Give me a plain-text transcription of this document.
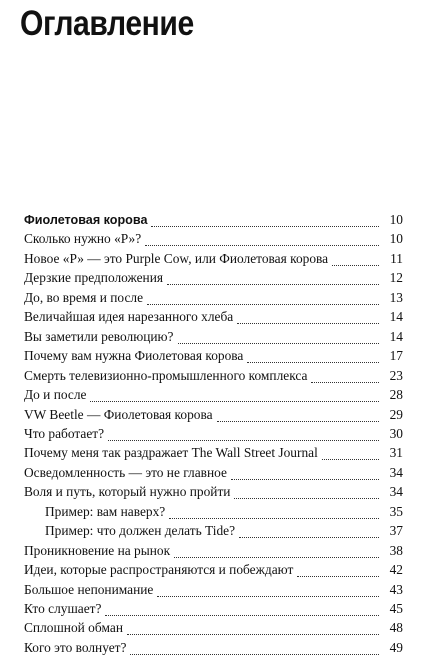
Оглавление
Фиолетовая корова	10
Сколько нужно «Р»?	10
Новое «Р» — это Purple Cow, или Фиолетовая корова	11
Дерзкие предположения	12
До, во время и после	13
Величайшая идея нарезанного хлеба	14
Вы заметили революцию?	14
Почему вам нужна Фиолетовая корова	17
Смерть телевизионно-промышленного комплекса	23
До и после	28
VW Beetle — Фиолетовая корова	29
Что работает?	30
Почему меня так раздражает The Wall Street Journal	31
Осведомленность — это не главное	34
Воля и путь, который нужно пройти	34
Пример: вам наверх?	35
Пример: что должен делать Tide?	37
Проникновение на рынок	38
Идеи, которые распространяются и побеждают	42
Большое непонимание	43
Кто слушает?	45
Сплошной обман	48
Кого это волнует?	49
